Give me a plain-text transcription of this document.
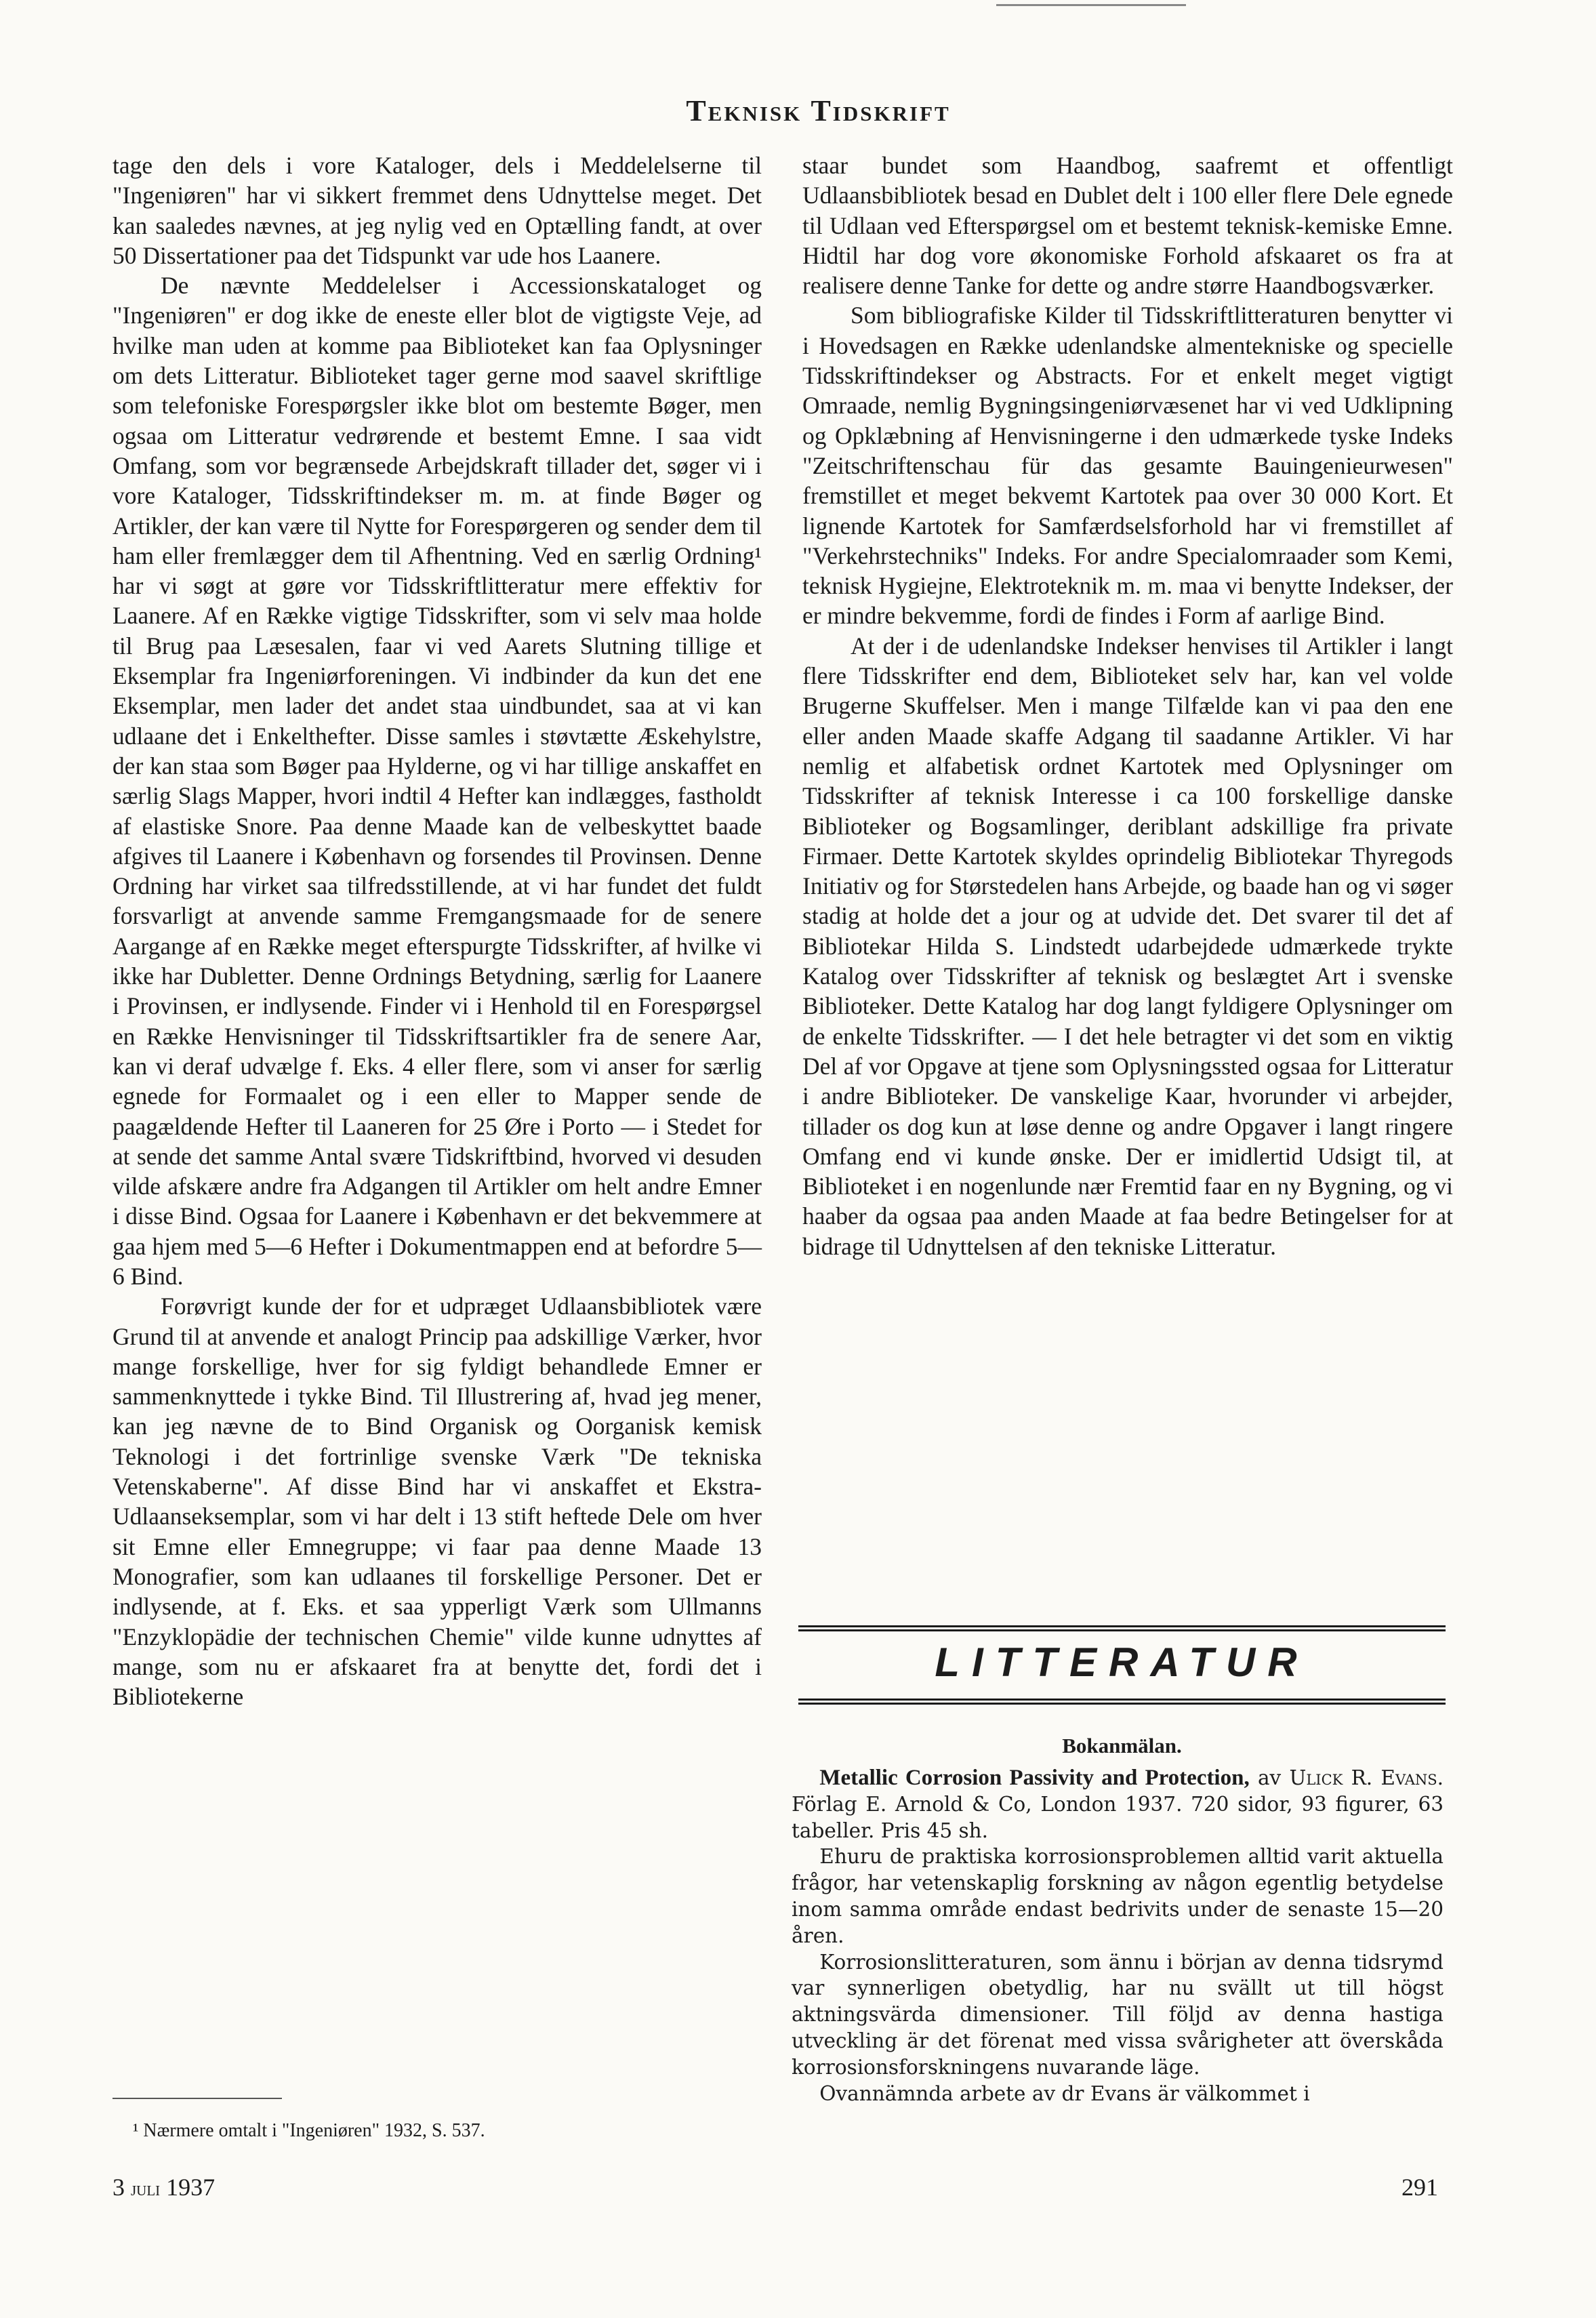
Teknisk Tidskrift

tage den dels i vore Kataloger, dels i Meddelelserne til "Ingeniøren" har vi sikkert fremmet dens Udnyttelse meget. Det kan saaledes nævnes, at jeg nylig ved en Optælling fandt, at over 50 Dissertationer paa det Tidspunkt var ude hos Laanere.

De nævnte Meddelelser i Accessionskataloget og "Ingeniøren" er dog ikke de eneste eller blot de vigtigste Veje, ad hvilke man uden at komme paa Biblioteket kan faa Oplysninger om dets Litteratur. Biblioteket tager gerne mod saavel skriftlige som telefoniske Forespørgsler ikke blot om bestemte Bøger, men ogsaa om Litteratur vedrørende et bestemt Emne. I saa vidt Omfang, som vor begrænsede Arbejdskraft tillader det, søger vi i vore Kataloger, Tidsskriftindekser m. m. at finde Bøger og Artikler, der kan være til Nytte for Forespørgeren og sender dem til ham eller fremlægger dem til Afhentning. Ved en særlig Ordning¹ har vi søgt at gøre vor Tidsskriftlitteratur mere effektiv for Laanere. Af en Række vigtige Tidsskrifter, som vi selv maa holde til Brug paa Læsesalen, faar vi ved Aarets Slutning tillige et Eksemplar fra Ingeniørforeningen. Vi indbinder da kun det ene Eksemplar, men lader det andet staa uindbundet, saa at vi kan udlaane det i Enkelthefter. Disse samles i støvtætte Æskehylstre, der kan staa som Bøger paa Hylderne, og vi har tillige anskaffet en særlig Slags Mapper, hvori indtil 4 Hefter kan indlægges, fastholdt af elastiske Snore. Paa denne Maade kan de velbeskyttet baade afgives til Laanere i København og forsendes til Provinsen. Denne Ordning har virket saa tilfredsstillende, at vi har fundet det fuldt forsvarligt at anvende samme Fremgangsmaade for de senere Aargange af en Række meget efterspurgte Tidsskrifter, af hvilke vi ikke har Dubletter. Denne Ordnings Betydning, særlig for Laanere i Provinsen, er indlysende. Finder vi i Henhold til en Forespørgsel en Række Henvisninger til Tidsskriftsartikler fra de senere Aar, kan vi deraf udvælge f. Eks. 4 eller flere, som vi anser for særlig egnede for Formaalet og i een eller to Mapper sende de paagældende Hefter til Laaneren for 25 Øre i Porto — i Stedet for at sende det samme Antal svære Tidskriftbind, hvorved vi desuden vilde afskære andre fra Adgangen til Artikler om helt andre Emner i disse Bind. Ogsaa for Laanere i København er det bekvemmere at gaa hjem med 5—6 Hefter i Dokumentmappen end at befordre 5—6 Bind.

Forøvrigt kunde der for et udpræget Udlaansbibliotek være Grund til at anvende et analogt Princip paa adskillige Værker, hvor mange forskellige, hver for sig fyldigt behandlede Emner er sammenknyttede i tykke Bind. Til Illustrering af, hvad jeg mener, kan jeg nævne de to Bind Organisk og Oorganisk kemisk Teknologi i det fortrinlige svenske Værk "De tekniska Vetenskaberne". Af disse Bind har vi anskaffet et Ekstra-Udlaanseksemplar, som vi har delt i 13 stift heftede Dele om hver sit Emne eller Emnegruppe; vi faar paa denne Maade 13 Monografier, som kan udlaanes til forskellige Personer. Det er indlysende, at f. Eks. et saa ypperligt Værk som Ullmanns "Enzyklopädie der technischen Chemie" vilde kunne udnyttes af mange, som nu er afskaaret fra at benytte det, fordi det i Bibliotekerne

staar bundet som Haandbog, saafremt et offentligt Udlaansbibliotek besad en Dublet delt i 100 eller flere Dele egnede til Udlaan ved Efterspørgsel om et bestemt teknisk-kemiske Emne. Hidtil har dog vore økonomiske Forhold afskaaret os fra at realisere denne Tanke for dette og andre større Haandbogsværker.

Som bibliografiske Kilder til Tidsskriftlitteraturen benytter vi i Hovedsagen en Række udenlandske almentekniske og specielle Tidsskriftindekser og Abstracts. For et enkelt meget vigtigt Omraade, nemlig Bygningsingeniørvæsenet har vi ved Udklipning og Opklæbning af Henvisningerne i den udmærkede tyske Indeks "Zeitschriftenschau für das gesamte Bauingenieurwesen" fremstillet et meget bekvemt Kartotek paa over 30 000 Kort. Et lignende Kartotek for Samfærdselsforhold har vi fremstillet af "Verkehrstechniks" Indeks. For andre Specialomraader som Kemi, teknisk Hygiejne, Elektroteknik m. m. maa vi benytte Indekser, der er mindre bekvemme, fordi de findes i Form af aarlige Bind.

At der i de udenlandske Indekser henvises til Artikler i langt flere Tidsskrifter end dem, Biblioteket selv har, kan vel volde Brugerne Skuffelser. Men i mange Tilfælde kan vi paa den ene eller anden Maade skaffe Adgang til saadanne Artikler. Vi har nemlig et alfabetisk ordnet Kartotek med Oplysninger om Tidsskrifter af teknisk Interesse i ca 100 forskellige danske Biblioteker og Bogsamlinger, deriblant adskillige fra private Firmaer. Dette Kartotek skyldes oprindelig Bibliotekar Thyregods Initiativ og for Størstedelen hans Arbejde, og baade han og vi søger stadig at holde det a jour og at udvide det. Det svarer til det af Bibliotekar Hilda S. Lindstedt udarbejdede udmærkede trykte Katalog over Tidsskrifter af teknisk og beslægtet Art i svenske Biblioteker. Dette Katalog har dog langt fyldigere Oplysninger om de enkelte Tidsskrifter. — I det hele betragter vi det som en viktig Del af vor Opgave at tjene som Oplysningssted ogsaa for Litteratur i andre Biblioteker. De vanskelige Kaar, hvorunder vi arbejder, tillader os dog kun at løse denne og andre Opgaver i langt ringere Omfang end vi kunde ønske. Der er imidlertid Udsigt til, at Biblioteket i en nogenlunde nær Fremtid faar en ny Bygning, og vi haaber da ogsaa paa anden Maade at faa bedre Betingelser for at bidrage til Udnyttelsen af den tekniske Litteratur.

LITTERATUR
Bokanmälan.

Metallic Corrosion Passivity and Protection, av Ulick R. Evans. Förlag E. Arnold & Co, London 1937. 720 sidor, 93 figurer, 63 tabeller. Pris 45 sh.

Ehuru de praktiska korrosionsproblemen alltid varit aktuella frågor, har vetenskaplig forskning av någon egentlig betydelse inom samma område endast bedrivits under de senaste 15—20 åren.

Korrosionslitteraturen, som ännu i början av denna tidsrymd var synnerligen obetydlig, har nu svällt ut till högst aktningsvärda dimensioner. Till följd av denna hastiga utveckling är det förenat med vissa svårigheter att överskåda korrosionsforskningens nuvarande läge.

Ovannämnda arbete av dr Evans är välkommet i

¹ Nærmere omtalt i "Ingeniøren" 1932, S. 537.
3 juli 1937	291
